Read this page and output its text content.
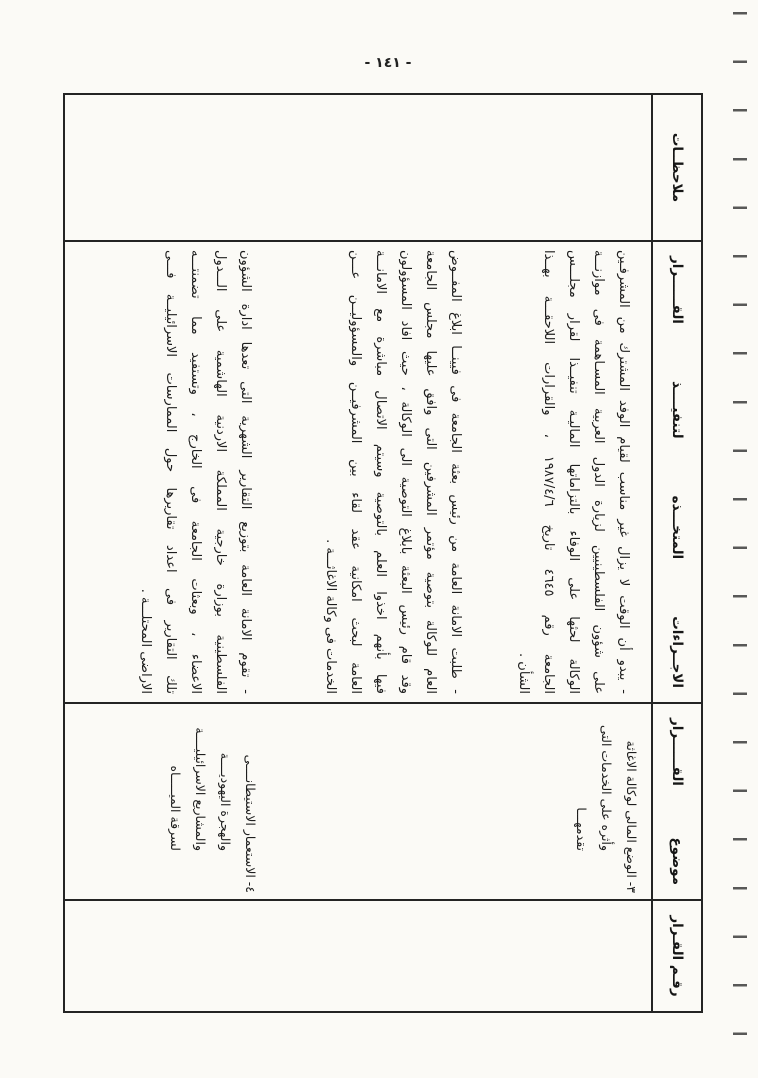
- ١٤١ -
رقـم القـرار
موضوع القــــــرار
الاجــراءات المتخـــذه لتنفيــــذ القــــــرار
ملاحظــات
٣- الوضع المالى لوكالة الاغاثة
وأثره على الخدمات التى
تقدمهـــا
٤- الاستعمار الاستيطانــــى
والهجرة اليهوديــــة
والمشاريع الاسرائيليــــة
لسرقة الميـــــاه
- يبدو أن الوقت لا يزال غير مناسب لقيام الوفد المشترك من المشرفـين
على شؤون الفلسطينيين لزيارة الدول العربية المسـاهمة فى موازنـــة
الوكالة لحثها على الوفاء بالتزاماتها الماليـة تنفيــذا لقرار مجلـــس
الجامعة رقم ٤٦٤٥ تاريخ ١٩٨٧/٤/٦ ، والقرارات اللاحقـــة بهــذا
الشأن .
- طلبت الامانة العامة من رئيس بعثة الجامعة فى فيينــا ابلاغ المفــوض
العام للوكالة بتوصية مؤتمر المشرفين التى وافق عليها مجلس الجامعة
وقد قام رئيس البعثة بابلاغ التوصية الى الوكالة ، حيث افاد المسؤولون
فيها بأنهم اخذوا العلم بالتوصية وسيتم الاتصال مباشرة مع الامانـــة
العامة لبحث امكانية عقد لقاء بين المشرفيــن والمسؤوليــن عـــن
الخدمات فى وكالة الاغاثـــة .
- تقوم الامانة العامة بتوزيع التقارير الشهرية التى تعدها ادارة الشؤون
الفلسطينية بوزارة خارجية المملكة الاردنية الهاشمية على الـــدول
الاعضاء ، وبعثات الجامعة فى الخارج ، وتستفيد مما تضمنتـــه
تلك التقارير فى اعداد تقاريرها حول الممارسات الاسرائيليــة فـــى
الاراضى المحتلـــة .
